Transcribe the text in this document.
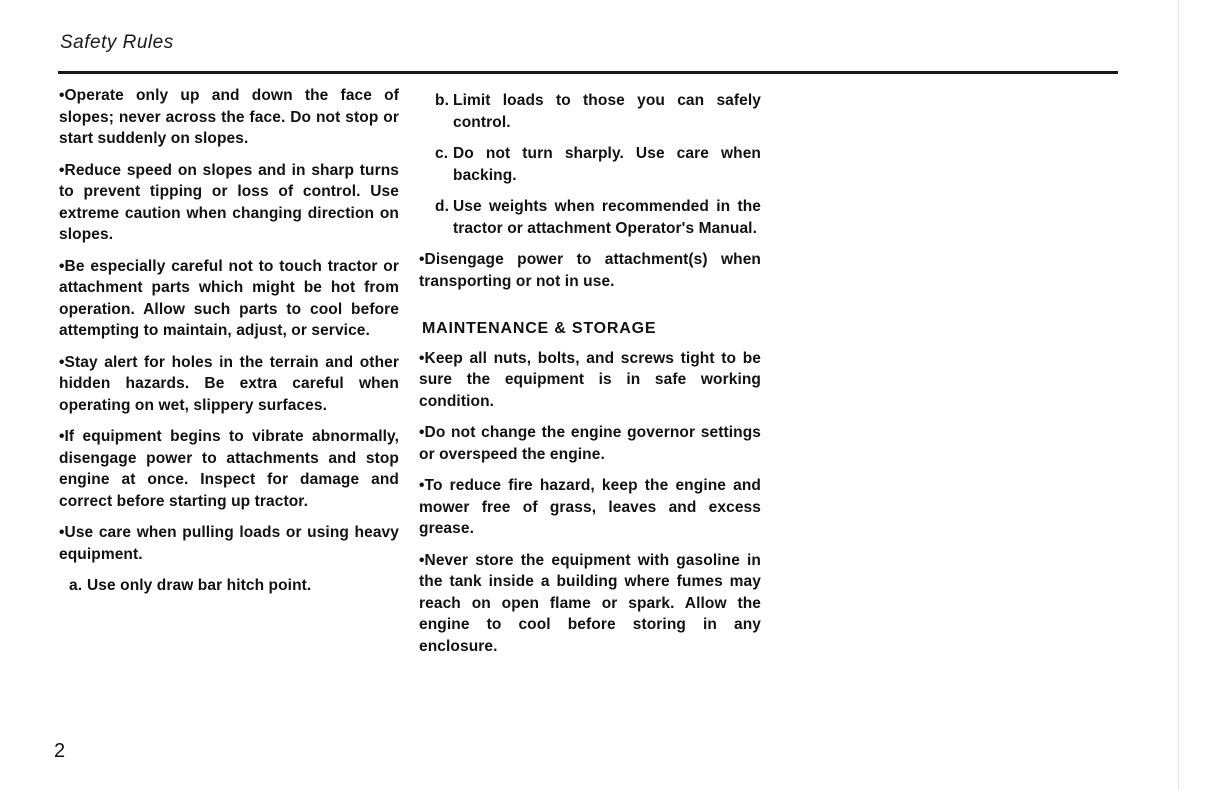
Safety Rules

•Operate only up and down the face of slopes; never across the face. Do not stop or start suddenly on slopes.

•Reduce speed on slopes and in sharp turns to prevent tipping or loss of control. Use extreme caution when changing direction on slopes.

•Be especially careful not to touch tractor or attachment parts which might be hot from operation. Allow such parts to cool before attempting to maintain, adjust, or service.

•Stay alert for holes in the terrain and other hidden hazards. Be extra careful when operating on wet, slippery surfaces.

•If equipment begins to vibrate abnormally, disengage power to attachments and stop engine at once. Inspect for damage and correct before starting up tractor.

•Use care when pulling loads or using heavy equipment.

a. Use only draw bar hitch point.
b. Limit loads to those you can safely control.
c. Do not turn sharply. Use care when backing.
d. Use weights when recommended in the tractor or attachment Operator's Manual.

•Disengage power to attachment(s) when transporting or not in use.

MAINTENANCE & STORAGE

•Keep all nuts, bolts, and screws tight to be sure the equipment is in safe working condition.

•Do not change the engine governor settings or overspeed the engine.

•To reduce fire hazard, keep the engine and mower free of grass, leaves and excess grease.

•Never store the equipment with gasoline in the tank inside a building where fumes may reach on open flame or spark. Allow the engine to cool before storing in any enclosure.

2
